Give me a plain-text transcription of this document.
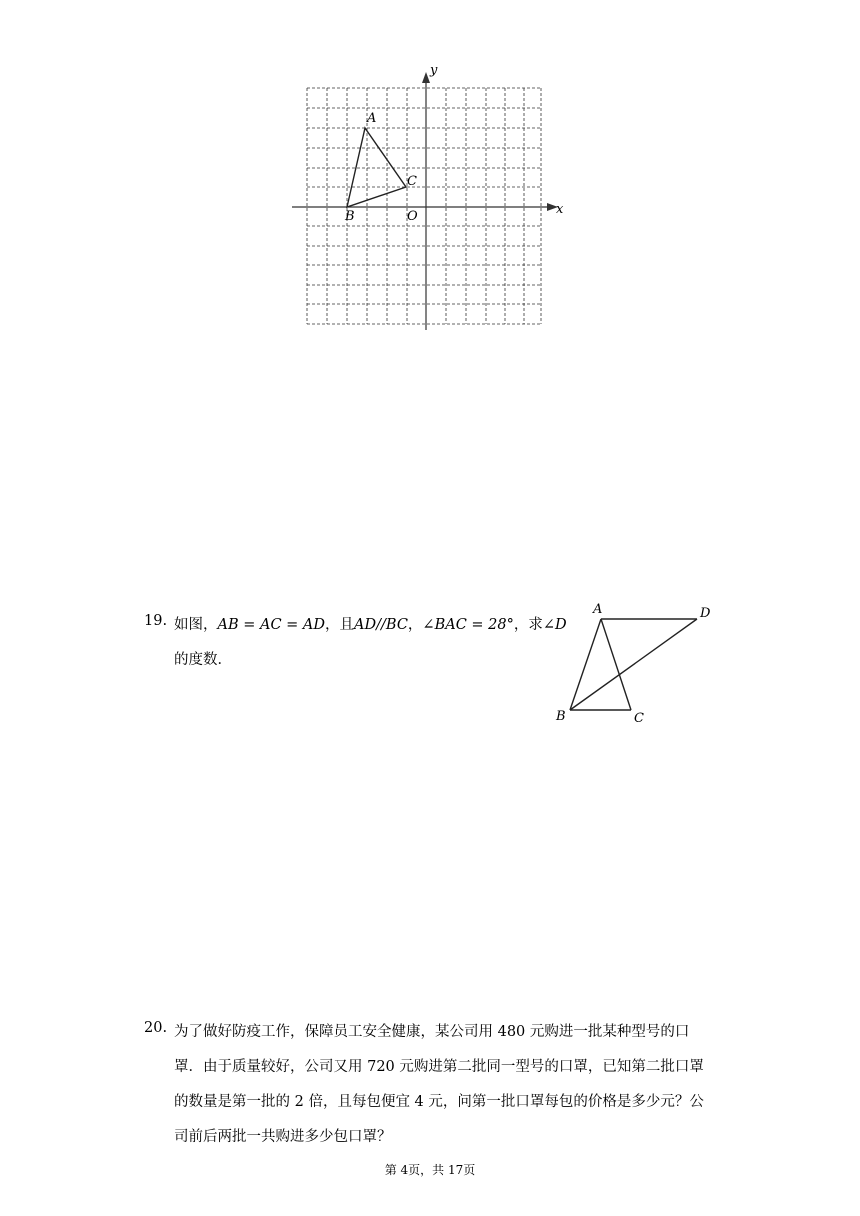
y
x
O
A
B
C
19. 如图，AB = AC = AD，且AD//BC，∠BAC = 28°，求∠D
的度数．
A	D
B	C
20. 为了做好防疫工作，保障员工安全健康，某公司用 480 元购进一批某种型号的口
罩．由于质量较好，公司又用 720 元购进第二批同一型号的口罩，已知第二批口罩
的数量是第一批的 2 倍，且每包便宜 4 元，问第一批口罩每包的价格是多少元？公
司前后两批一共购进多少包口罩？
第 4页，共 17页
